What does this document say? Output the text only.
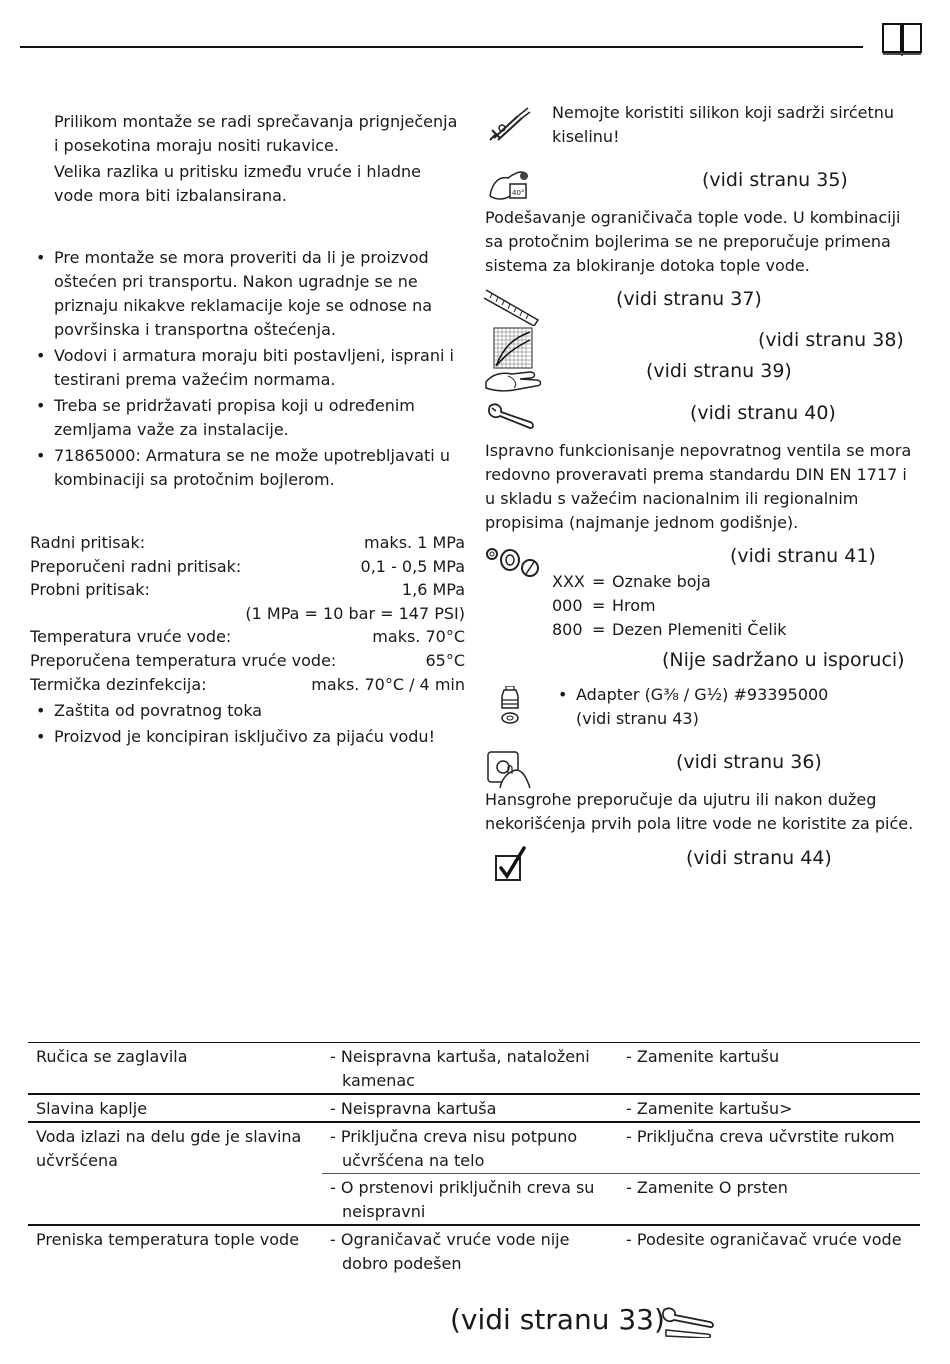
Prilikom montaže se radi sprečavanja prignječenja i posekotina moraju nositi rukavice.

Velika razlika u pritisku između vruće i hladne vode mora biti izbalansirana.

• Pre montaže se mora proveriti da li je proizvod oštećen pri transportu. Nakon ugradnje se ne priznaju nikakve reklamacije koje se odnose na površinska i transportna oštećenja.
• Vodovi i armatura moraju biti postavljeni, isprani i testirani prema važećim normama.
• Treba se pridržavati propisa koji u određenim zemljama važe za instalacije.
• 71865000: Armatura se ne može upotrebljavati u kombinaciji sa protočnim bojlerom.
Radni pritisak:	maks. 1 MPa
Preporučeni radni pritisak:	0,1 - 0,5 MPa
Probni pritisak:	1,6 MPa
(1 MPa = 10 bar = 147 PSI)
Temperatura vruće vode:	maks. 70°C
Preporučena temperatura vruće vode:	65°C
Termička dezinfekcija:	maks. 70°C / 4 min
• Zaštita od povratnog toka
• Proizvod je koncipiran isključivo za pijaću vodu!

Nemojte koristiti silikon koji sadrži sirćetnu kiselinu!

40°
(vidi stranu 35)

Podešavanje ograničivača tople vode. U kombinaciji sa protočnim bojlerima se ne preporučuje primena sistema za blokiranje dotoka tople vode.

(vidi stranu 37)
(vidi stranu 38)
(vidi stranu 39)
(vidi stranu 40)

Ispravno funkcionisanje nepovratnog ventila se mora redovno proveravati prema standardu DIN EN 1717 i u skladu s važećim nacionalnim ili regionalnim propisima (najmanje jednom godišnje).

(vidi stranu 41)
XXX = Oznake boja
000 = Hrom
800 = Dezen Plemeniti Čelik
(Nije sadržano u isporuci)
• Adapter (G⅜ / G½) #93395000
(vidi stranu 43)
(vidi stranu 36)

Hansgrohe preporučuje da ujutru ili nakon dužeg nekorišćenja prvih pola litre vode ne koristite za piće.

(vidi stranu 44)
Ručica se zaglavila	- Neispravna kartuša, nataloženi kamenac	- Zamenite kartušu

Slavina kaplje	- Neispravna kartuša	- Zamenite kartušu>

Voda izlazi na delu gde je slavina učvršćena	- Priključna creva nisu potpuno učvršćena na telo	- Priključna creva učvrstite rukom

	- O prstenovi priključnih creva su neispravni	- Zamenite O prsten

Preniska temperatura tople vode	- Ograničavač vruće vode nije dobro podešen	- Podesite ograničavač vruće vode
(vidi stranu 33)
